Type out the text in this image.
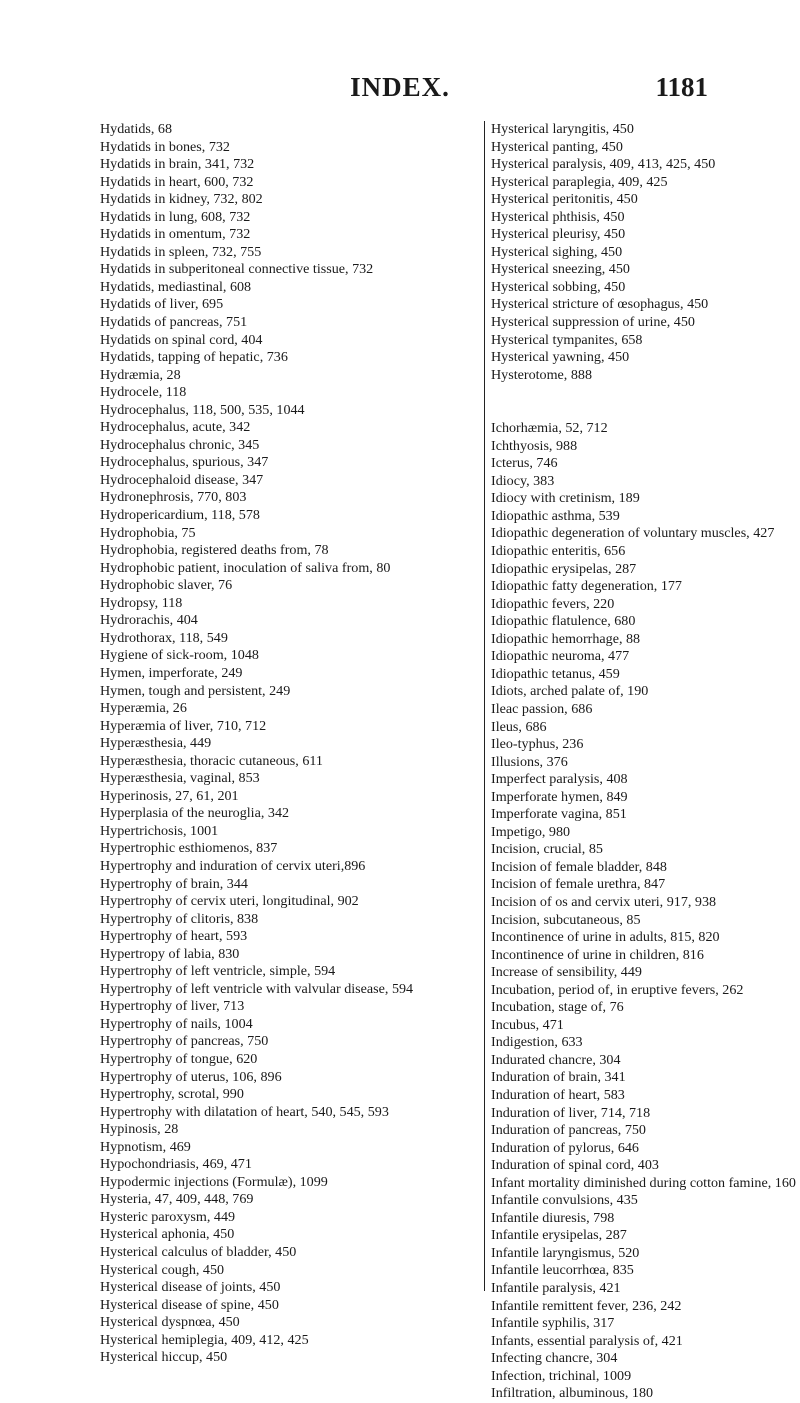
INDEX.	1181
Hydatids, 68
Hydatids in bones, 732
Hydatids in brain, 341, 732
Hydatids in heart, 600, 732
Hydatids in kidney, 732, 802
Hydatids in lung, 608, 732
Hydatids in omentum, 732
Hydatids in spleen, 732, 755
Hydatids in subperitoneal connective tissue, 732
Hydatids, mediastinal, 608
Hydatids of liver, 695
Hydatids of pancreas, 751
Hydatids on spinal cord, 404
Hydatids, tapping of hepatic, 736
Hydræmia, 28
Hydrocele, 118
Hydrocephalus, 118, 500, 535, 1044
Hydrocephalus, acute, 342
Hydrocephalus chronic, 345
Hydrocephalus, spurious, 347
Hydrocephaloid disease, 347
Hydronephrosis, 770, 803
Hydropericardium, 118, 578
Hydrophobia, 75
Hydrophobia, registered deaths from, 78
Hydrophobic patient, inoculation of saliva from, 80
Hydrophobic slaver, 76
Hydropsy, 118
Hydrorachis, 404
Hydrothorax, 118, 549
Hygiene of sick-room, 1048
Hymen, imperforate, 249
Hymen, tough and persistent, 249
Hyperæmia, 26
Hyperæmia of liver, 710, 712
Hyperæsthesia, 449
Hyperæsthesia, thoracic cutaneous, 611
Hyperæsthesia, vaginal, 853
Hyperinosis, 27, 61, 201
Hyperplasia of the neuroglia, 342
Hypertrichosis, 1001
Hypertrophic esthiomenos, 837
Hypertrophy and induration of cervix uteri,896
Hypertrophy of brain, 344
Hypertrophy of cervix uteri, longitudinal, 902
Hypertrophy of clitoris, 838
Hypertrophy of heart, 593
Hypertropy of labia, 830
Hypertrophy of left ventricle, simple, 594
Hypertrophy of left ventricle with valvular disease, 594
Hypertrophy of liver, 713
Hypertrophy of nails, 1004
Hypertrophy of pancreas, 750
Hypertrophy of tongue, 620
Hypertrophy of uterus, 106, 896
Hypertrophy, scrotal, 990
Hypertrophy with dilatation of heart, 540, 545, 593
Hypinosis, 28
Hypnotism, 469
Hypochondriasis, 469, 471
Hypodermic injections (Formulæ), 1099
Hysteria, 47, 409, 448, 769
Hysteric paroxysm, 449
Hysterical aphonia, 450
Hysterical calculus of bladder, 450
Hysterical cough, 450
Hysterical disease of joints, 450
Hysterical disease of spine, 450
Hysterical dyspnœa, 450
Hysterical hemiplegia, 409, 412, 425
Hysterical hiccup, 450
Hysterical laryngitis, 450
Hysterical panting, 450
Hysterical paralysis, 409, 413, 425, 450
Hysterical paraplegia, 409, 425
Hysterical peritonitis, 450
Hysterical phthisis, 450
Hysterical pleurisy, 450
Hysterical sighing, 450
Hysterical sneezing, 450
Hysterical sobbing, 450
Hysterical stricture of œsophagus, 450
Hysterical suppression of urine, 450
Hysterical tympanites, 658
Hysterical yawning, 450
Hysterotome, 888
Ichorhæmia, 52, 712
Ichthyosis, 988
Icterus, 746
Idiocy, 383
Idiocy with cretinism, 189
Idiopathic asthma, 539
Idiopathic degeneration of voluntary muscles, 427
Idiopathic enteritis, 656
Idiopathic erysipelas, 287
Idiopathic fatty degeneration, 177
Idiopathic fevers, 220
Idiopathic flatulence, 680
Idiopathic hemorrhage, 88
Idiopathic neuroma, 477
Idiopathic tetanus, 459
Idiots, arched palate of, 190
Ileac passion, 686
Ileus, 686
Ileo-typhus, 236
Illusions, 376
Imperfect paralysis, 408
Imperforate hymen, 849
Imperforate vagina, 851
Impetigo, 980
Incision, crucial, 85
Incision of female bladder, 848
Incision of female urethra, 847
Incision of os and cervix uteri, 917, 938
Incision, subcutaneous, 85
Incontinence of urine in adults, 815, 820
Incontinence of urine in children, 816
Increase of sensibility, 449
Incubation, period of, in eruptive fevers, 262
Incubation, stage of, 76
Incubus, 471
Indigestion, 633
Indurated chancre, 304
Induration of brain, 341
Induration of heart, 583
Induration of liver, 714, 718
Induration of pancreas, 750
Induration of pylorus, 646
Induration of spinal cord, 403
Infant mortality diminished during cotton famine, 160
Infantile convulsions, 435
Infantile diuresis, 798
Infantile erysipelas, 287
Infantile laryngismus, 520
Infantile leucorrhœa, 835
Infantile paralysis, 421
Infantile remittent fever, 236, 242
Infantile syphilis, 317
Infants, essential paralysis of, 421
Infecting chancre, 304
Infection, trichinal, 1009
Infiltration, albuminous, 180
